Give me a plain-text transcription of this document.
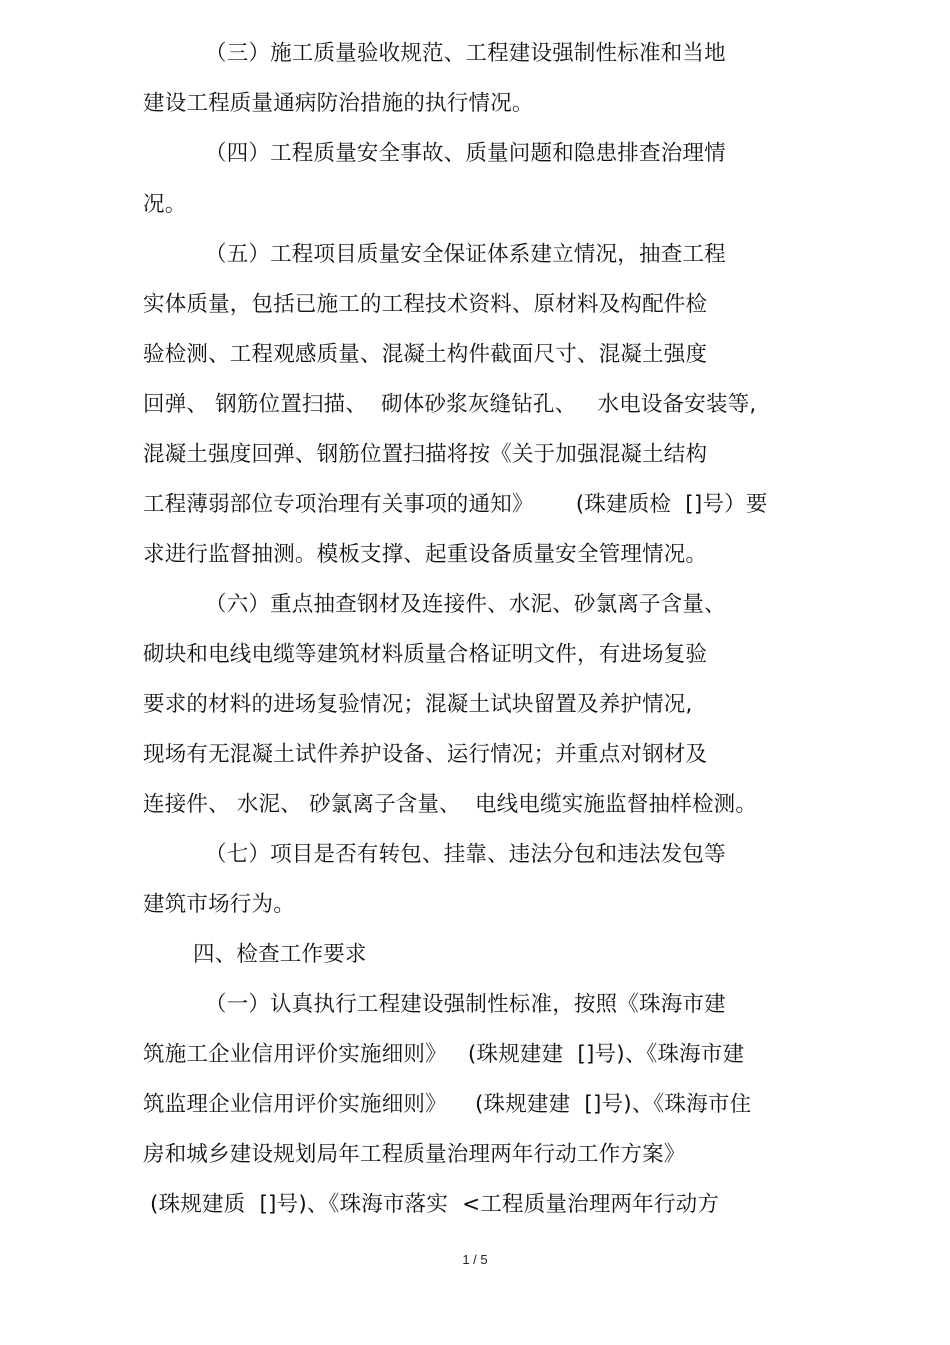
（三）施工质量验收规范、工程建设强制性标准和当地
建设工程质量通病防治措施的执行情况。
（四）工程质量安全事故、质量问题和隐患排查治理情
况。
（五）工程项目质量安全保证体系建立情况，抽查工程
实体质量，包括已施工的工程技术资料、原材料及构配件检
验检测、工程观感质量、混凝土构件截面尺寸、混凝土强度
回弹、 钢筋位置扫描、  砌体砂浆灰缝钻孔、   水电设备安装等,
混凝土强度回弹、钢筋位置扫描将按《关于加强混凝土结构
工程薄弱部位专项治理有关事项的通知》      (珠建质检  []号）要
求进行监督抽测。模板支撑、起重设备质量安全管理情况。
（六）重点抽查钢材及连接件、水泥、砂氯离子含量、
砌块和电线电缆等建筑材料质量合格证明文件，有进场复验
要求的材料的进场复验情况；混凝土试块留置及养护情况,
现场有无混凝土试件养护设备、运行情况；并重点对钢材及
连接件、 水泥、 砂氯离子含量、  电线电缆实施监督抽样检测。
（七）项目是否有转包、挂靠、违法分包和违法发包等
建筑市场行为。
四、检查工作要求
（一）认真执行工程建设强制性标准，按照《珠海市建
筑施工企业信用评价实施细则》   (珠规建建  []号)、《珠海市建
筑监理企业信用评价实施细则》    (珠规建建  []号)、《珠海市住
房和城乡建设规划局年工程质量治理两年行动工作方案》
(珠规建质  []号)、《珠海市落实  <工程质量治理两年行动方
1 / 5
